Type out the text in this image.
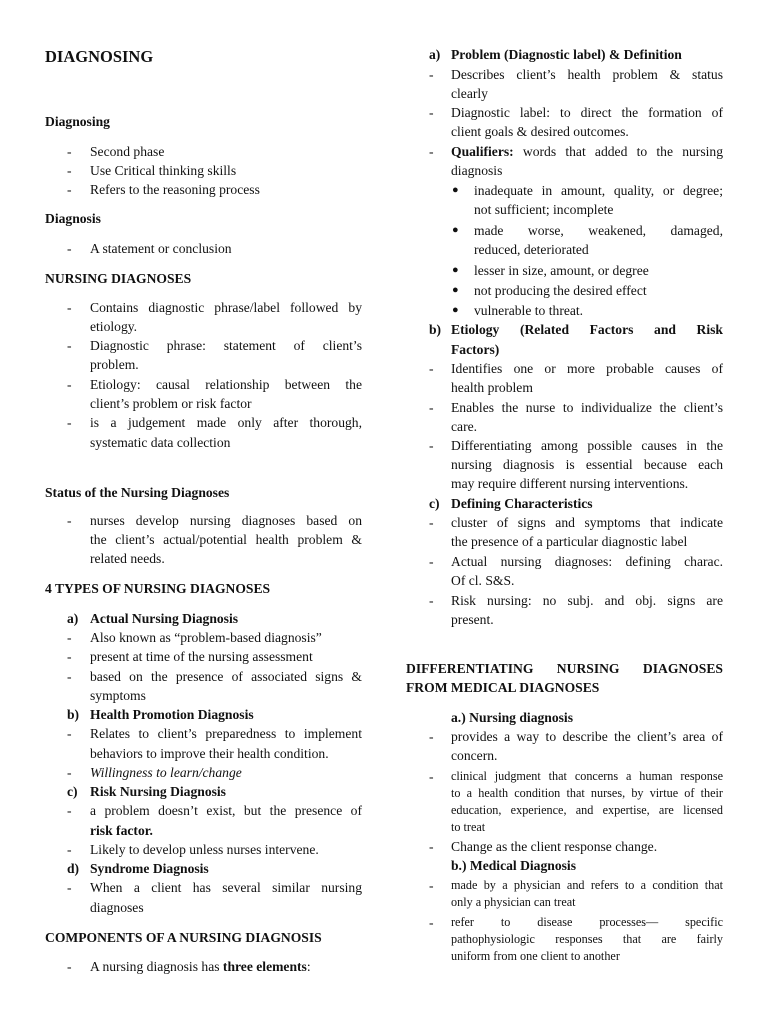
DIAGNOSING
Diagnosing
- Second phase
- Use Critical thinking skills
- Refers to the reasoning process
Diagnosis
- A statement or conclusion
NURSING DIAGNOSES
- Contains diagnostic phrase/label followed by
etiology.
- Diagnostic phrase: statement of client’s
problem.
- Etiology: causal relationship between the
client’s problem or risk factor
- is a judgement made only after thorough,
systematic data collection
Status of the Nursing Diagnoses
- nurses develop nursing diagnoses based on
the client’s actual/potential health problem &
related needs.
4 TYPES OF NURSING DIAGNOSES
a) Actual Nursing Diagnosis
- Also known as “problem-based diagnosis”
- present at time of the nursing assessment
- based on the presence of associated signs &
symptoms
b) Health Promotion Diagnosis
- Relates to client’s preparedness to implement
behaviors to improve their health condition.
- Willingness to learn/change
c) Risk Nursing Diagnosis
- a problem doesn’t exist, but the presence of
risk factor.
- Likely to develop unless nurses intervene.
d) Syndrome Diagnosis
- When a client has several similar nursing
diagnoses
COMPONENTS OF A NURSING DIAGNOSIS
- A nursing diagnosis has three elements:
a) Problem (Diagnostic label) & Definition
- Describes client’s health problem & status
clearly
- Diagnostic label: to direct the formation of
client goals & desired outcomes.
- Qualifiers: words that added to the nursing
diagnosis
● inadequate in amount, quality, or degree;
not sufficient; incomplete
● made worse, weakened, damaged,
reduced, deteriorated
● lesser in size, amount, or degree
● not producing the desired effect
● vulnerable to threat.
b) Etiology (Related Factors and Risk
Factors)
- Identifies one or more probable causes of
health problem
- Enables the nurse to individualize the client’s
care.
- Differentiating among possible causes in the
nursing diagnosis is essential because each
may require different nursing interventions.
c) Defining Characteristics
- cluster of signs and symptoms that indicate
the presence of a particular diagnostic label
- Actual nursing diagnoses: defining charac.
Of cl. S&S.
- Risk nursing: no subj. and obj. signs are
present.
DIFFERENTIATING NURSING DIAGNOSES
FROM MEDICAL DIAGNOSES
a.) Nursing diagnosis
- provides a way to describe the client’s area of
concern.
- clinical judgment that concerns a human response
to a health condition that nurses, by virtue of their
education, experience, and expertise, are licensed
to treat
- Change as the client response change.
b.) Medical Diagnosis
- made by a physician and refers to a condition that
only a physician can treat
- refer to disease processes— specific
pathophysiologic responses that are fairly
uniform from one client to another
